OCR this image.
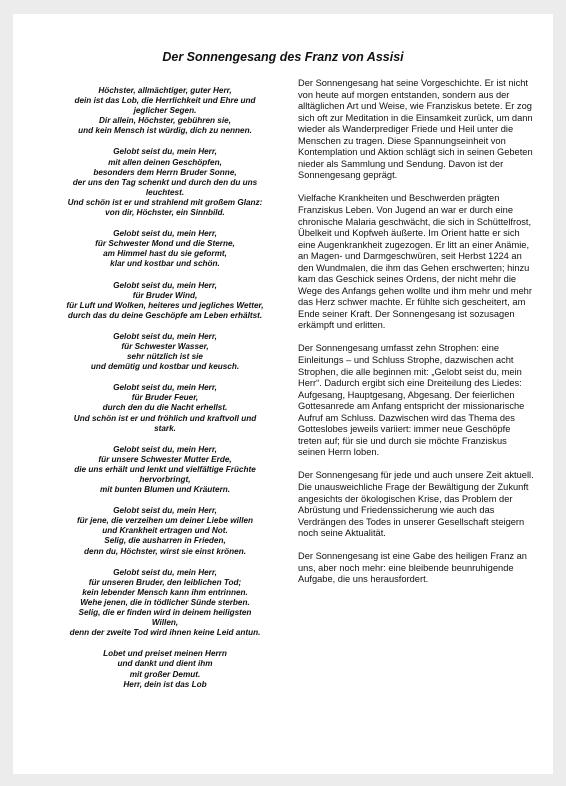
Der Sonnengesang des Franz von Assisi
Höchster, allmächtiger, guter Herr,
dein ist das Lob, die Herrlichkeit und Ehre und
jeglicher Segen.
Dir allein, Höchster, gebühren sie,
und kein Mensch ist würdig, dich zu nennen.
Gelobt seist du, mein Herr,
mit allen deinen Geschöpfen,
besonders dem Herrn Bruder Sonne,
der uns den Tag schenkt und durch den du uns
leuchtest.
Und schön ist er und strahlend mit großem Glanz:
von dir, Höchster, ein Sinnbild.
Gelobt seist du, mein Herr,
für Schwester Mond und die Sterne,
am Himmel hast du sie geformt,
klar und kostbar und schön.
Gelobt seist du, mein Herr,
für Bruder Wind,
für Luft und Wolken, heiteres und jegliches Wetter,
durch das du deine Geschöpfe am Leben erhältst.
Gelobt seist du, mein Herr,
für Schwester Wasser,
sehr nützlich ist sie
und demütig und kostbar und keusch.
Gelobt seist du, mein Herr,
für Bruder Feuer,
durch den du die Nacht erhellst.
Und schön ist er und fröhlich und kraftvoll und
stark.
Gelobt seist du, mein Herr,
für unsere Schwester Mutter Erde,
die uns erhält und lenkt und vielfältige Früchte
hervorbringt,
mit bunten Blumen und Kräutern.
Gelobt seist du, mein Herr,
für jene, die verzeihen um deiner Liebe willen
und Krankheit ertragen und Not.
Selig, die ausharren in Frieden,
denn du, Höchster, wirst sie einst krönen.
Gelobt seist du, mein Herr,
für unseren Bruder, den leiblichen Tod;
kein lebender Mensch kann ihm entrinnen.
Wehe jenen, die in tödlicher Sünde sterben.
Selig, die er finden wird in deinem heiligsten
Willen,
denn der zweite Tod wird ihnen keine Leid antun.
Lobet und preiset meinen Herrn
und dankt und dient ihm
mit großer Demut.
Herr, dein ist das Lob

Der Sonnengesang hat seine Vorgeschichte. Er ist nicht von heute auf morgen entstanden, sondern aus der alltäglichen Art und Weise, wie Franziskus betete. Er zog sich oft zur Meditation in die Einsamkeit zurück, um dann wieder als Wanderprediger Friede und Heil unter die Menschen zu tragen. Diese Spannungseinheit von Kontemplation und Aktion schlägt sich in seinen Gebeten nieder als Sammlung und Sendung. Davon ist der Sonnengesang geprägt.

Vielfache Krankheiten und Beschwerden prägten Franziskus Leben. Von Jugend an war er durch eine chronische Malaria geschwächt, die sich in Schüttelfrost, Übelkeit und Kopfweh äußerte. Im Orient hatte er sich eine Augenkrankheit zugezogen. Er litt an einer Anämie, an Magen- und Darmgeschwüren, seit Herbst 1224 an den Wundmalen, die ihm das Gehen erschwerten; hinzu kam das Geschick seines Ordens, der nicht mehr die Wege des Anfangs gehen wollte und ihm mehr und mehr das Herz schwer machte. Er fühlte sich gescheitert, am Ende seiner Kraft. Der Sonnengesang ist sozusagen erkämpft und erlitten.

Der Sonnengesang umfasst zehn Strophen: eine Einleitungs – und Schluss Strophe, dazwischen acht Strophen, die alle beginnen mit: „Gelobt seist du, mein Herr“. Dadurch ergibt sich eine Dreiteilung des Liedes: Aufgesang, Hauptgesang, Abgesang. Der feierlichen Gottesanrede am Anfang entspricht der missionarische Aufruf am Schluss. Dazwischen wird das Thema des Gotteslobes jeweils variiert: immer neue Geschöpfe treten auf; für sie und durch sie möchte Franziskus seinen Herrn loben.

Der Sonnengesang für jede und auch unsere Zeit aktuell. Die unausweichliche Frage der Bewältigung der Zukunft angesichts der ökologischen Krise, das Problem der Abrüstung und Friedenssicherung wie auch das Verdrängen des Todes in unserer Gesellschaft steigern noch seine Aktualität.

Der Sonnengesang ist eine Gabe des heiligen Franz an uns, aber noch mehr: eine bleibende beunruhigende Aufgabe, die uns herausfordert.
